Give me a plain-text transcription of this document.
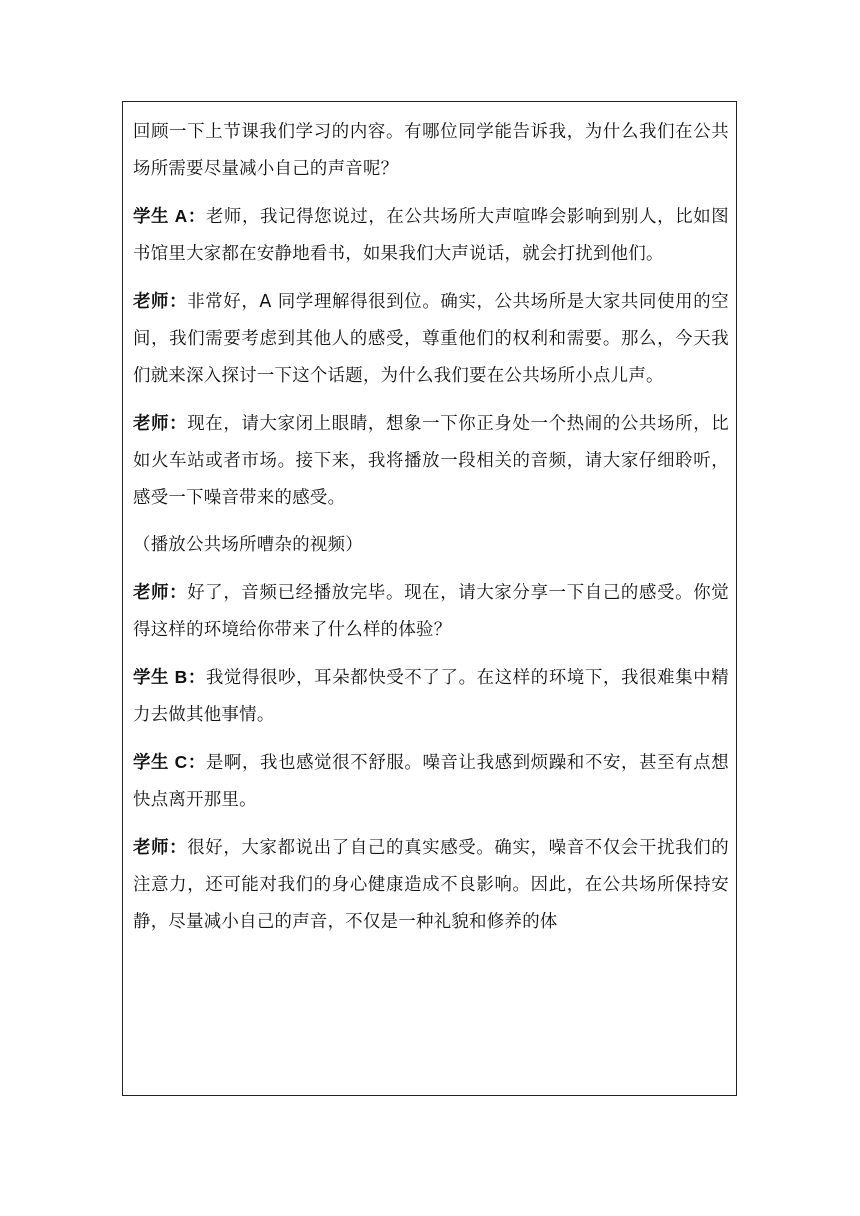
回顾一下上节课我们学习的内容。有哪位同学能告诉我，为什么我们在公共场所需要尽量减小自己的声音呢？

学生 A：老师，我记得您说过，在公共场所大声喧哗会影响到别人，比如图书馆里大家都在安静地看书，如果我们大声说话，就会打扰到他们。

老师：非常好，A 同学理解得很到位。确实，公共场所是大家共同使用的空间，我们需要考虑到其他人的感受，尊重他们的权利和需要。那么，今天我们就来深入探讨一下这个话题，为什么我们要在公共场所小点儿声。

老师：现在，请大家闭上眼睛，想象一下你正身处一个热闹的公共场所，比如火车站或者市场。接下来，我将播放一段相关的音频，请大家仔细聆听，感受一下噪音带来的感受。

（播放公共场所嘈杂的视频）

老师：好了，音频已经播放完毕。现在，请大家分享一下自己的感受。你觉得这样的环境给你带来了什么样的体验？

学生 B：我觉得很吵，耳朵都快受不了了。在这样的环境下，我很难集中精力去做其他事情。

学生 C：是啊，我也感觉很不舒服。噪音让我感到烦躁和不安，甚至有点想快点离开那里。

老师：很好，大家都说出了自己的真实感受。确实，噪音不仅会干扰我们的注意力，还可能对我们的身心健康造成不良影响。因此，在公共场所保持安静，尽量减小自己的声音，不仅是一种礼貌和修养的体
